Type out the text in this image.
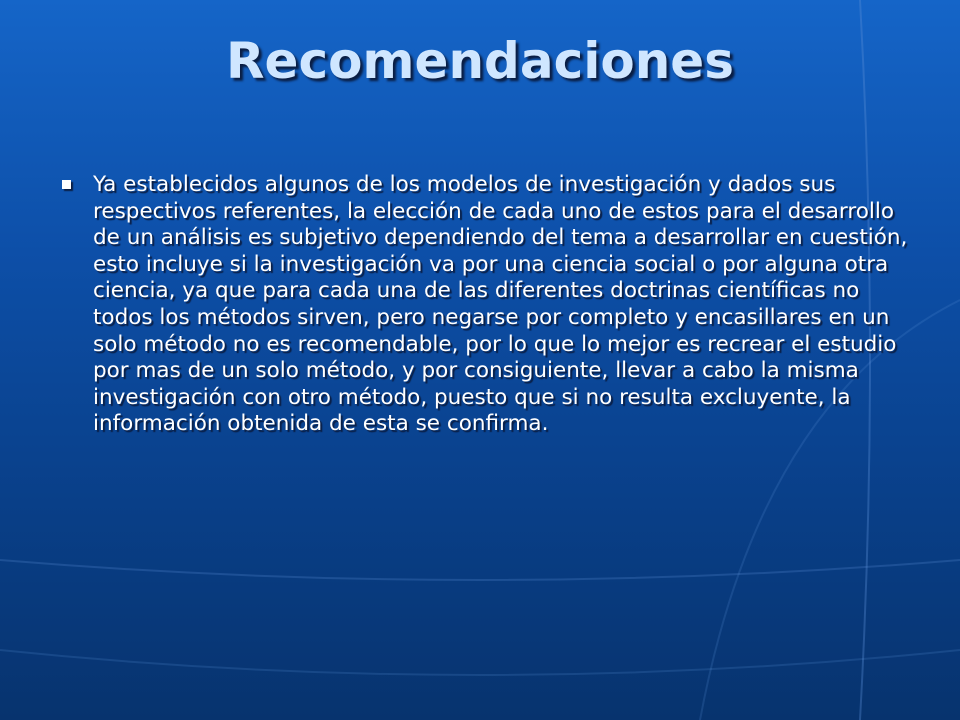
Recomendaciones
Ya establecidos algunos de los modelos de investigación y dados sus respectivos referentes, la elección de cada uno de estos para el desarrollo de un análisis es subjetivo dependiendo del tema a desarrollar en cuestión, esto incluye si la investigación va por una ciencia social o por alguna otra ciencia, ya que para cada una de las diferentes doctrinas científicas no todos los métodos sirven, pero negarse por completo y encasillares en un solo método no es recomendable, por lo que lo mejor es recrear el estudio por mas de un solo método, y por consiguiente, llevar a cabo la misma investigación con otro método, puesto que si no resulta excluyente, la información obtenida de esta se confirma.
